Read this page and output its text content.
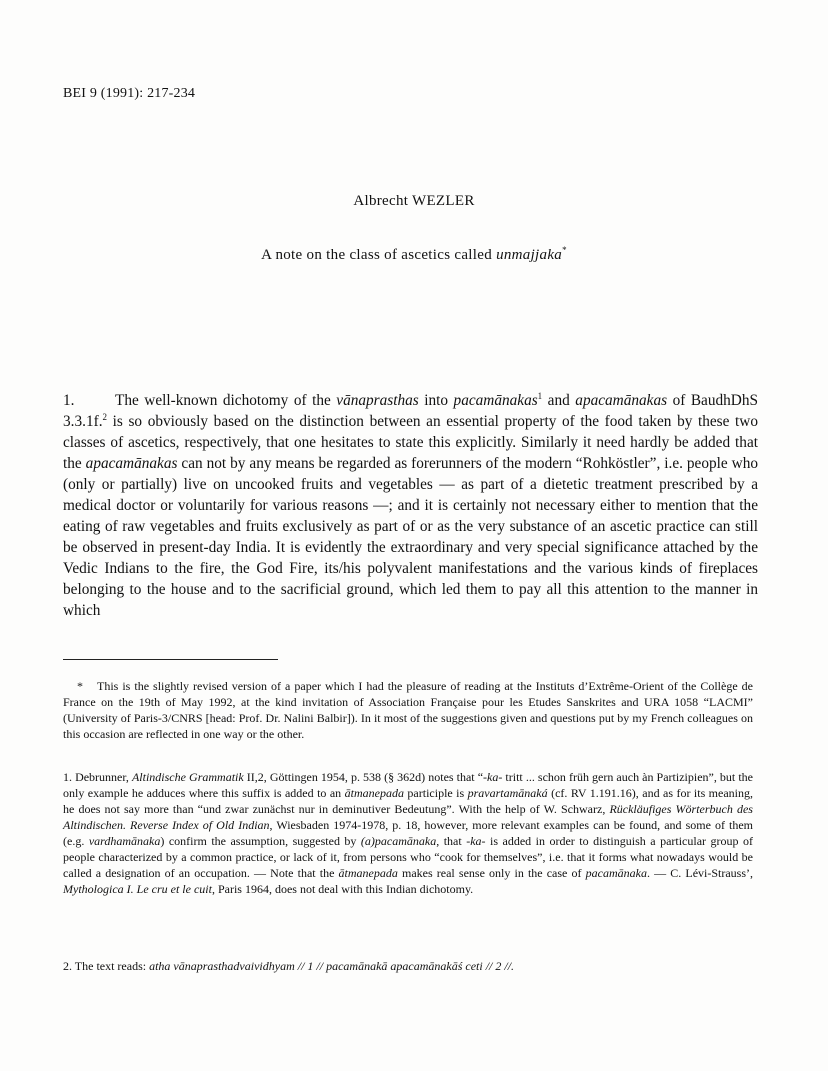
BEI 9 (1991): 217-234
Albrecht WEZLER
A note on the class of ascetics called unmajjaka*
1.	The well-known dichotomy of the vānaprasthas into pacamānakas$^1$ and apacamānakas of BaudhDhS 3.3.1f.$^2$ is so obviously based on the distinction between an essential property of the food taken by these two classes of ascetics, respectively, that one hesitates to state this explicitly. Similarly it need hardly be added that the apacamānakas can not by any means be regarded as forerunners of the modern “Rohköstler”, i.e. people who (only or partially) live on uncooked fruits and vegetables — as part of a dietetic treatment prescribed by a medical doctor or voluntarily for various reasons —; and it is certainly not necessary either to mention that the eating of raw vegetables and fruits exclusively as part of or as the very substance of an ascetic practice can still be observed in present-day India. It is evidently the extraordinary and very special significance attached by the Vedic Indians to the fire, the God Fire, its/his polyvalent manifestations and the various kinds of fireplaces belonging to the house and to the sacrificial ground, which led them to pay all this attention to the manner in which
* This is the slightly revised version of a paper which I had the pleasure of reading at the Instituts d’Extrême-Orient of the Collège de France on the 19th of May 1992, at the kind invitation of Association Française pour les Etudes Sanskrites and URA 1058 “LACMI” (University of Paris-3/CNRS [head: Prof. Dr. Nalini Balbir]). In it most of the suggestions given and questions put by my French colleagues on this occasion are reflected in one way or the other.
1. Debrunner, Altindische Grammatik II,2, Göttingen 1954, p. 538 (§ 362d) notes that “-ka- tritt ... schon früh gern auch àn Partizipien”, but the only example he adduces where this suffix is added to an ātmanepada participle is pravartamānaká (cf. RV 1.191.16), and as for its meaning, he does not say more than “und zwar zunächst nur in deminutiver Bedeutung”. With the help of W. Schwarz, Rückläufiges Wörterbuch des Altindischen. Reverse Index of Old Indian, Wiesbaden 1974-1978, p. 18, however, more relevant examples can be found, and some of them (e.g. vardhamānaka) confirm the assumption, suggested by (a)pacamānaka, that -ka- is added in order to distinguish a particular group of people characterized by a common practice, or lack of it, from persons who “cook for themselves”, i.e. that it forms what nowadays would be called a designation of an occupation. — Note that the ātmanepada makes real sense only in the case of pacamānaka. — C. Lévi-Strauss’, Mythologica I. Le cru et le cuit, Paris 1964, does not deal with this Indian dichotomy.
2. The text reads: atha vānaprasthadvaividhyam // 1 // pacamānakā apacamānakāś ceti // 2 //.
